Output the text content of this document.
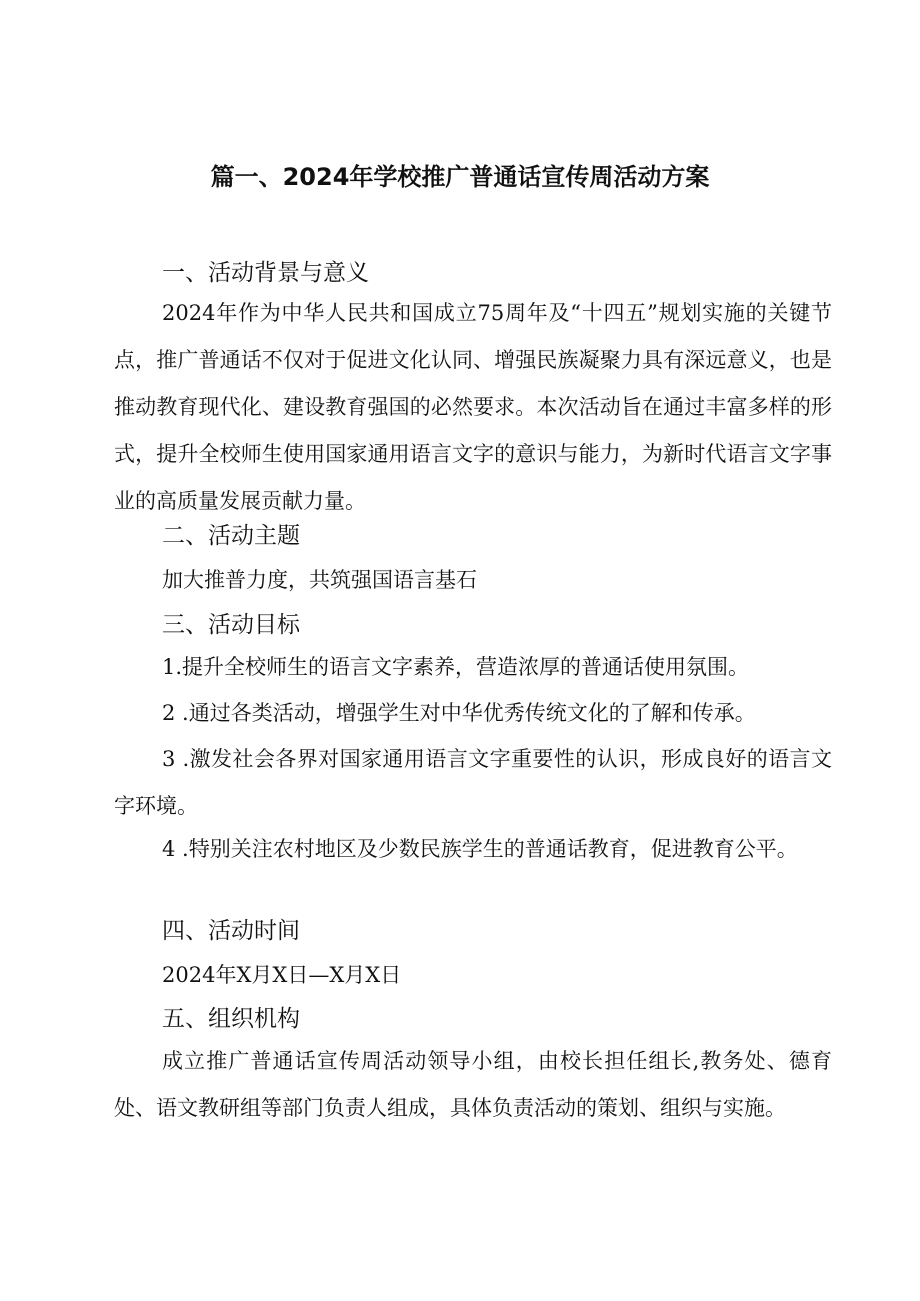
篇一、2024年学校推广普通话宣传周活动方案
一、活动背景与意义
2024年作为中华人民共和国成立75周年及“十四五”规划实施的关键节点，推广普通话不仅对于促进文化认同、增强民族凝聚力具有深远意义，也是推动教育现代化、建设教育强国的必然要求。本次活动旨在通过丰富多样的形式，提升全校师生使用国家通用语言文字的意识与能力，为新时代语言文字事业的高质量发展贡献力量。
二、活动主题
加大推普力度，共筑强国语言基石
三、活动目标
1.提升全校师生的语言文字素养，营造浓厚的普通话使用氛围。
2 .通过各类活动，增强学生对中华优秀传统文化的了解和传承。
3 .激发社会各界对国家通用语言文字重要性的认识，形成良好的语言文字环境。
4 .特别关注农村地区及少数民族学生的普通话教育，促进教育公平。
四、活动时间
2024年X月X日—X月X日
五、组织机构
成立推广普通话宣传周活动领导小组，由校长担任组长,教务处、德育处、语文教研组等部门负责人组成，具体负责活动的策划、组织与实施。
